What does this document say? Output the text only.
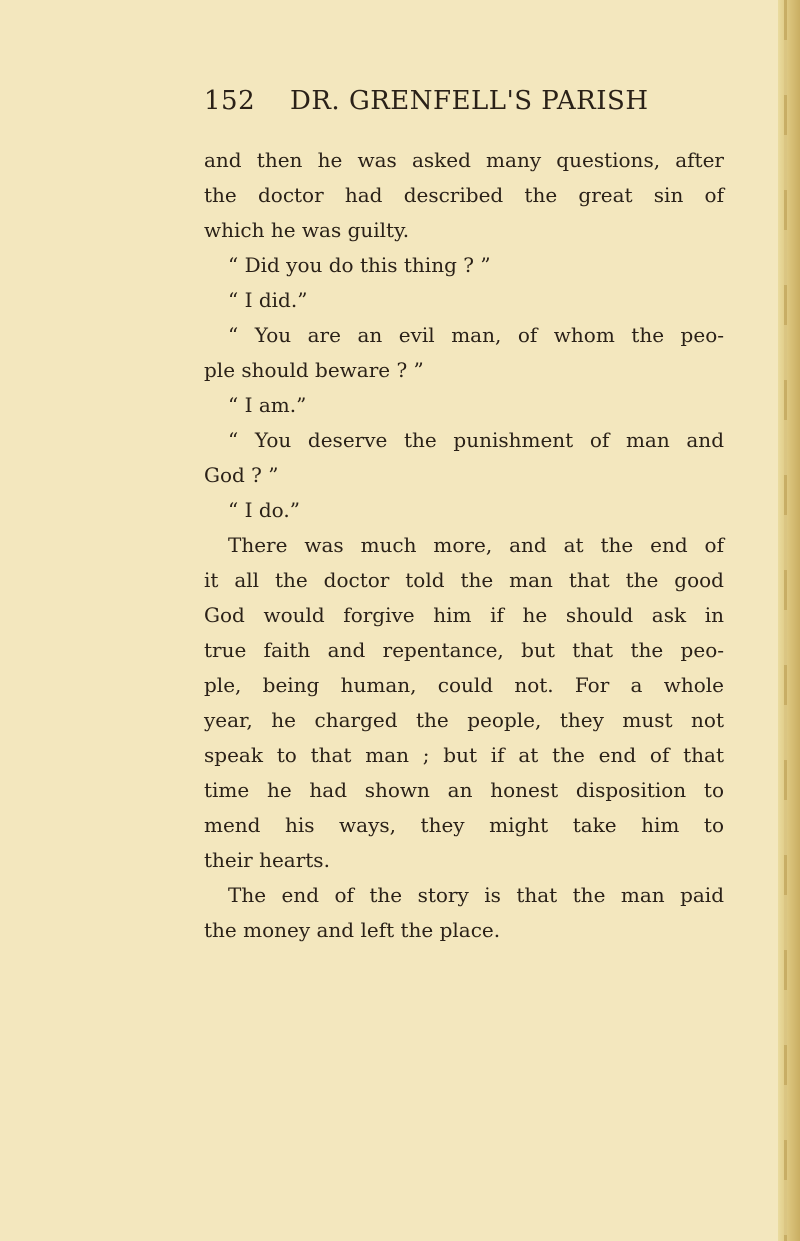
152 DR. GRENFELL'S PARISH
and then he was asked many questions, after
the doctor had described the great sin of
which he was guilty.
“ Did you do this thing ? ”
“ I did.”
“ You are an evil man, of whom the peo-
ple should beware ? ”
“ I am.”
“ You deserve the punishment of man and
God ? ”
“ I do.”
There was much more, and at the end of
it all the doctor told the man that the good
God would forgive him if he should ask in
true faith and repentance, but that the peo-
ple, being human, could not. For a whole
year, he charged the people, they must not
speak to that man ; but if at the end of that
time he had shown an honest disposition to
mend his ways, they might take him to
their hearts.
The end of the story is that the man paid
the money and left the place.
